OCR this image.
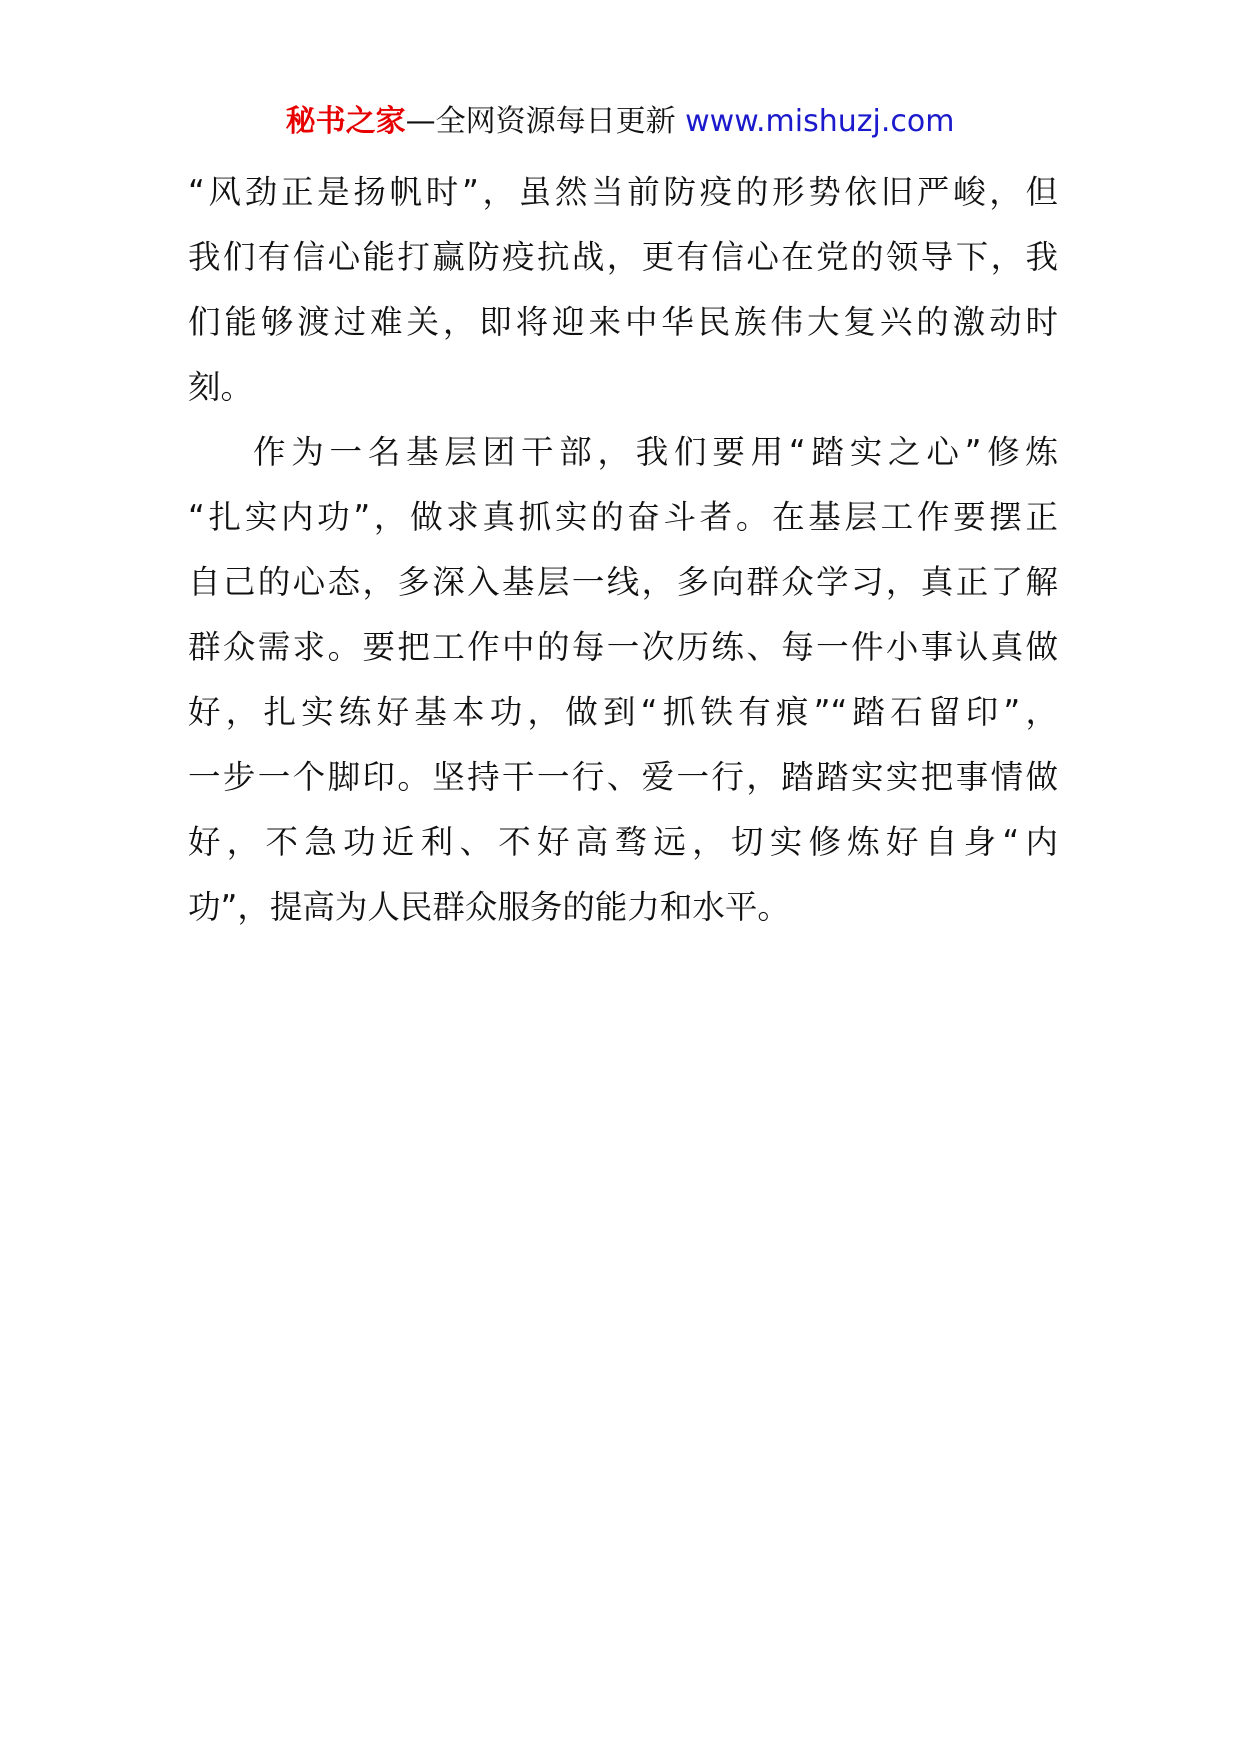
秘书之家—全网资源每日更新 www.mishuzj.com
“风劲正是扬帆时”，虽然当前防疫的形势依旧严峻，但
我们有信心能打赢防疫抗战，更有信心在党的领导下，我
们能够渡过难关，即将迎来中华民族伟大复兴的激动时
刻。
作为一名基层团干部，我们要用“踏实之心”修炼
“扎实内功”，做求真抓实的奋斗者。在基层工作要摆正
自己的心态，多深入基层一线，多向群众学习，真正了解
群众需求。要把工作中的每一次历练、每一件小事认真做
好，扎实练好基本功，做到“抓铁有痕”“踏石留印”，
一步一个脚印。坚持干一行、爱一行，踏踏实实把事情做
好，不急功近利、不好高骛远，切实修炼好自身“内
功”，提高为人民群众服务的能力和水平。
